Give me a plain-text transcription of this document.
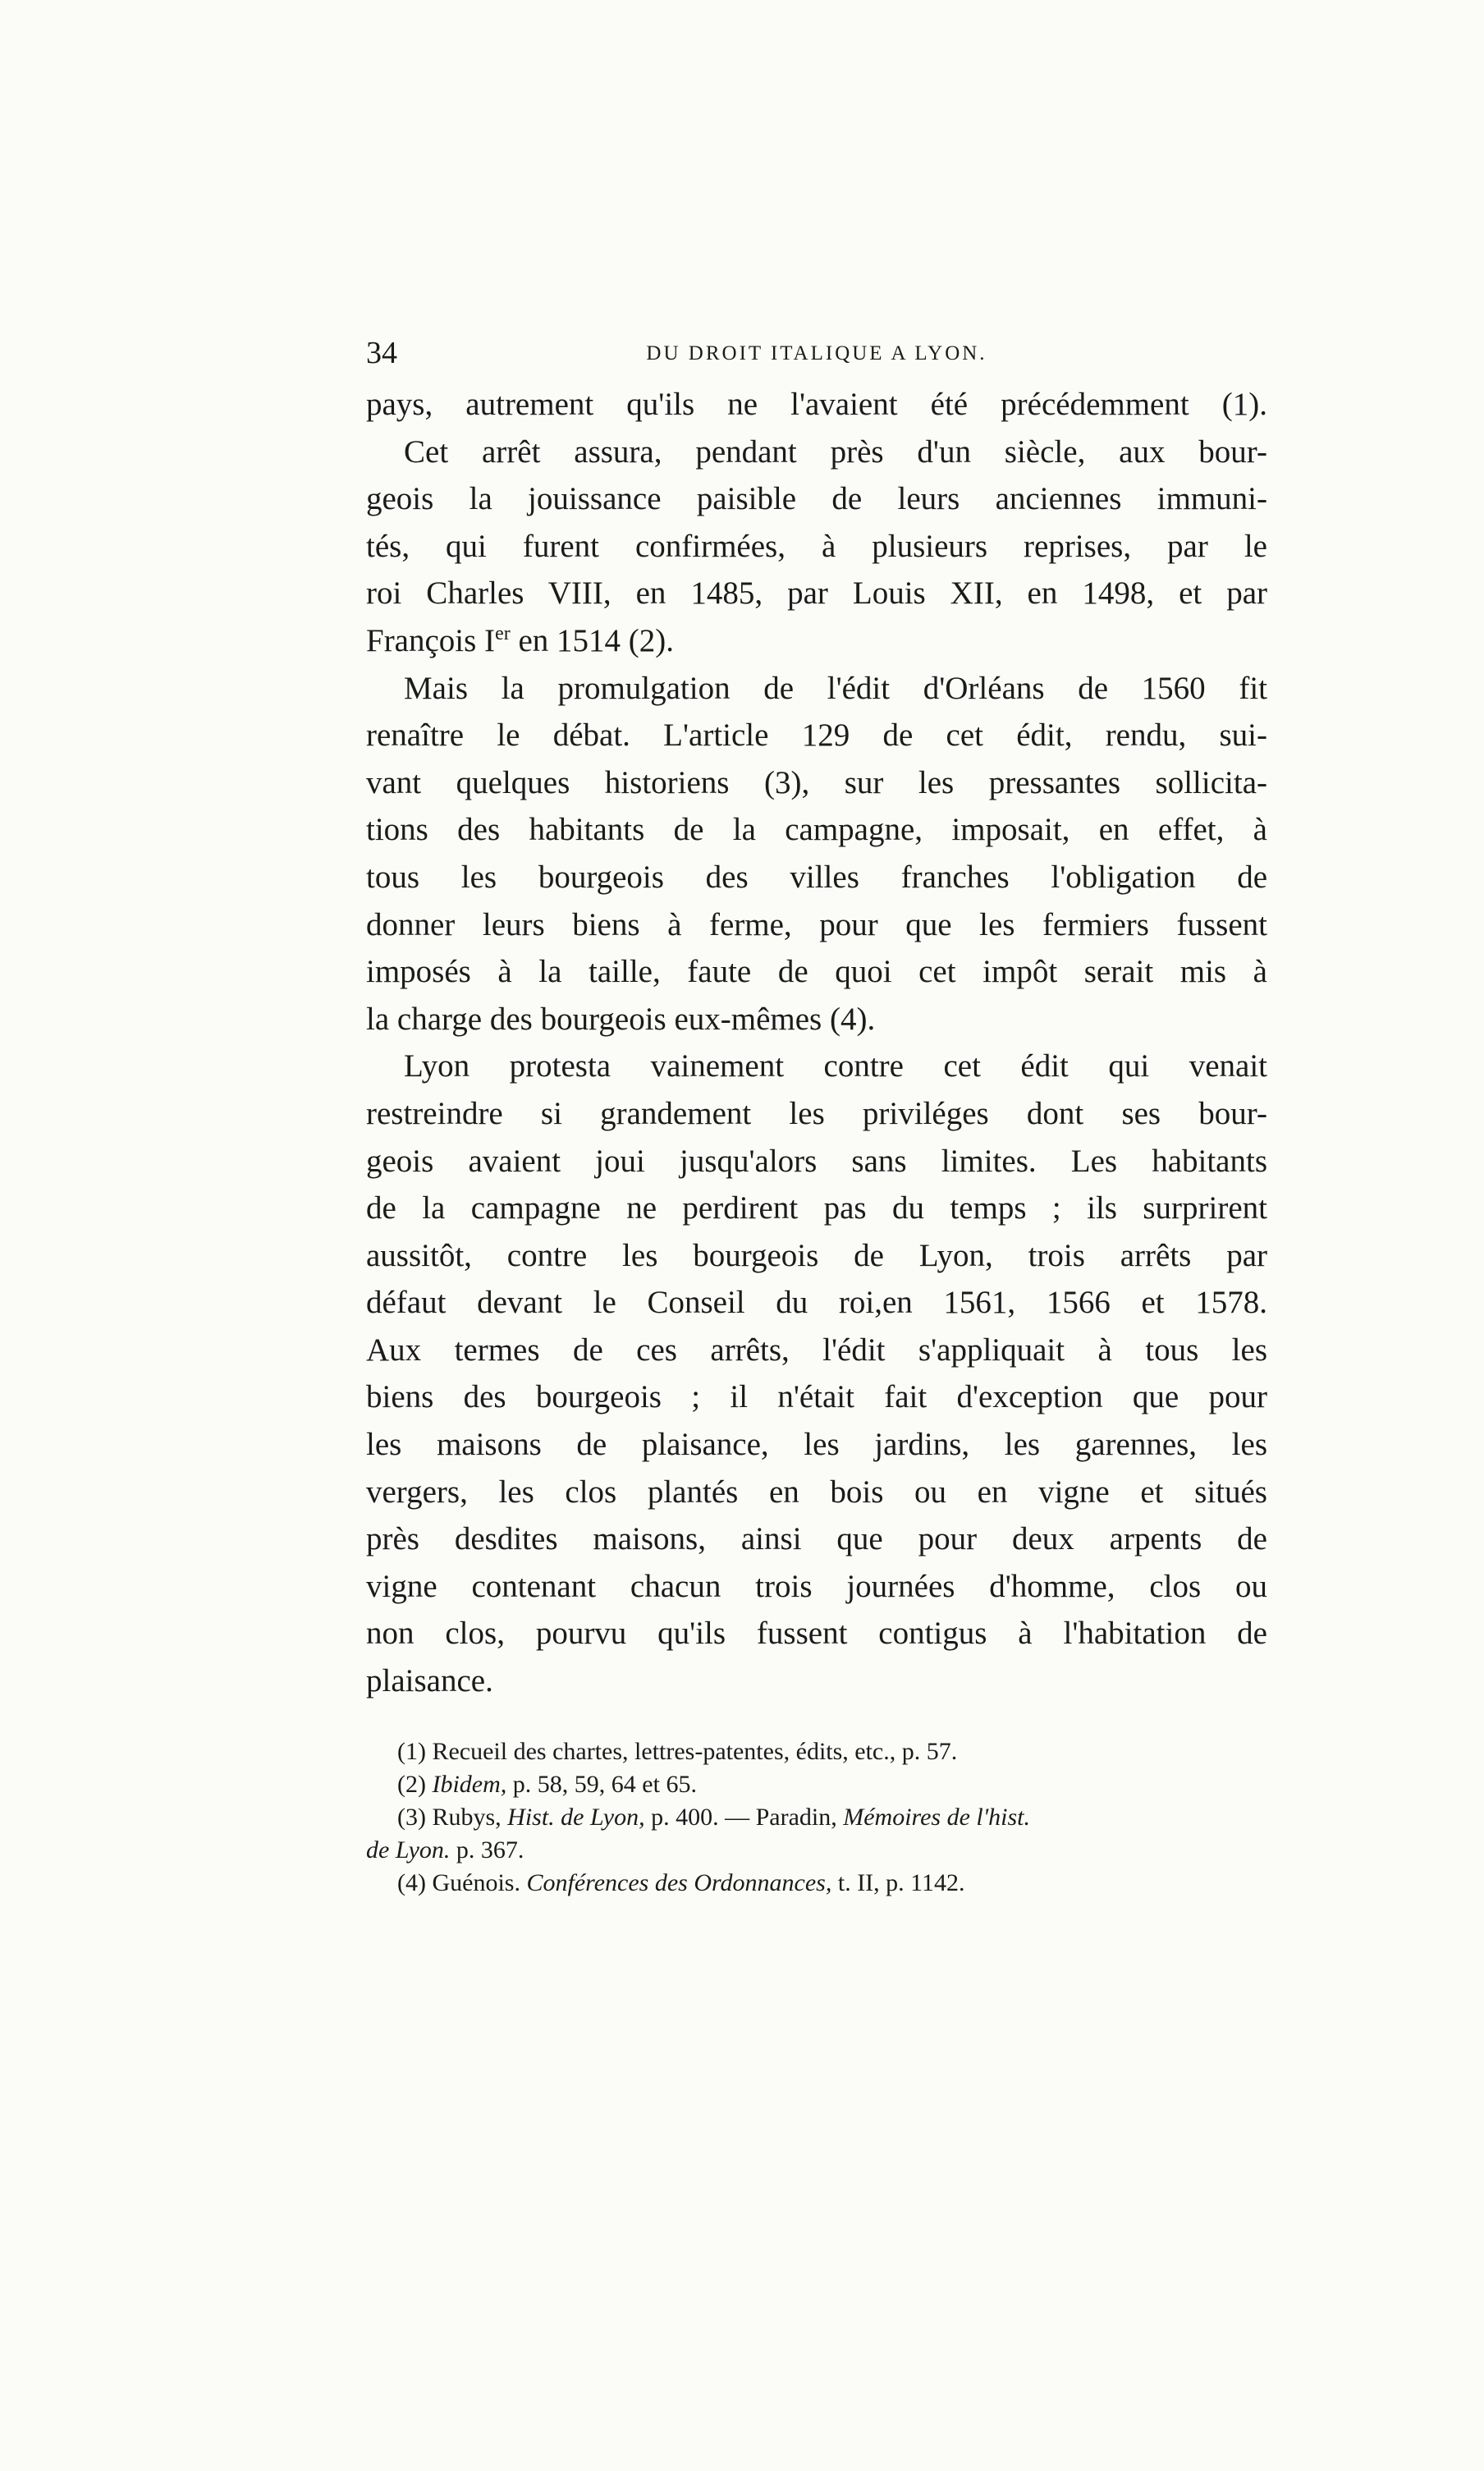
34	DU DROIT ITALIQUE A LYON.
pays, autrement qu'ils ne l'avaient été précédemment (1).
Cet arrêt assura, pendant près d'un siècle, aux bour-
geois la jouissance paisible de leurs anciennes immuni-
tés, qui furent confirmées, à plusieurs reprises, par le
roi Charles VIII, en 1485, par Louis XII, en 1498, et par
François Ier en 1514 (2).
Mais la promulgation de l'édit d'Orléans de 1560 fit
renaître le débat. L'article 129 de cet édit, rendu, sui-
vant quelques historiens (3), sur les pressantes sollicita-
tions des habitants de la campagne, imposait, en effet, à
tous les bourgeois des villes franches l'obligation de
donner leurs biens à ferme, pour que les fermiers fussent
imposés à la taille, faute de quoi cet impôt serait mis à
la charge des bourgeois eux-mêmes (4).
Lyon protesta vainement contre cet édit qui venait
restreindre si grandement les priviléges dont ses bour-
geois avaient joui jusqu'alors sans limites. Les habitants
de la campagne ne perdirent pas du temps ; ils surprirent
aussitôt, contre les bourgeois de Lyon, trois arrêts par
défaut devant le Conseil du roi,en 1561, 1566 et 1578.
Aux termes de ces arrêts, l'édit s'appliquait à tous les
biens des bourgeois ; il n'était fait d'exception que pour
les maisons de plaisance, les jardins, les garennes, les
vergers, les clos plantés en bois ou en vigne et situés
près desdites maisons, ainsi que pour deux arpents de
vigne contenant chacun trois journées d'homme, clos ou
non clos, pourvu qu'ils fussent contigus à l'habitation de
plaisance.
(1) Recueil des chartes, lettres-patentes, édits, etc., p. 57.
(2) Ibidem, p. 58, 59, 64 et 65.
(3) Rubys, Hist. de Lyon, p. 400. — Paradin, Mémoires de l'hist.
de Lyon. p. 367.
(4) Guénois. Conférences des Ordonnances, t. II, p. 1142.
